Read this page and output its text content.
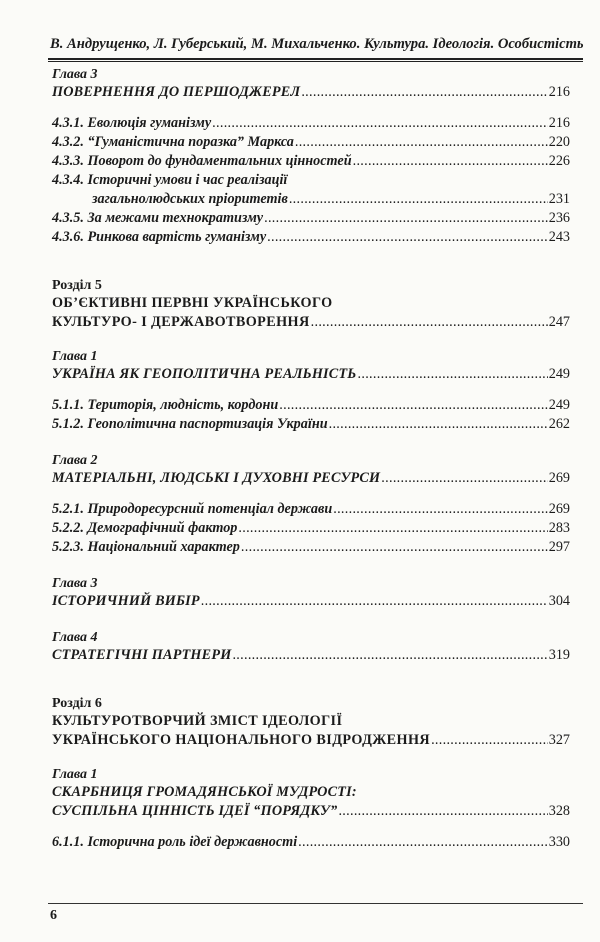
В. Андрущенко, Л. Губерський, М. Михальченко. Культура. Ідеологія. Особистість
Глава 3
ПОВЕРНЕННЯ ДО ПЕРШОДЖЕРЕЛ .....	216
4.3.1. Еволюція гуманізму .....	216
4.3.2. “Гуманістична поразка” Маркса .....	220
4.3.3. Поворот до фундаментальних цінностей .....	226
4.3.4. Історичні умови і час реалізації
загальнолюдських пріоритетів .....	231
4.3.5. За межами технократизму .....	236
4.3.6. Ринкова вартість гуманізму .....	243
Розділ 5
ОБ’ЄКТИВНІ ПЕРВНІ УКРАЇНСЬКОГО
КУЛЬТУРО- І ДЕРЖАВОТВОРЕННЯ .....	247
Глава 1
УКРАЇНА ЯК ГЕОПОЛІТИЧНА РЕАЛЬНІСТЬ .....	249
5.1.1. Територія, людність, кордони .....	249
5.1.2. Геополітична паспортизація України .....	262
Глава 2
МАТЕРІАЛЬНІ, ЛЮДСЬКІ І ДУХОВНІ РЕСУРСИ .....	269
5.2.1. Природоресурсний потенціал держави .....	269
5.2.2. Демографічний фактор .....	283
5.2.3. Національний характер .....	297
Глава 3
ІСТОРИЧНИЙ ВИБІР .....	304
Глава 4
СТРАТЕГІЧНІ ПАРТНЕРИ .....	319
Розділ 6
КУЛЬТУРОТВОРЧИЙ ЗМІСТ ІДЕОЛОГІЇ
УКРАЇНСЬКОГО НАЦІОНАЛЬНОГО ВІДРОДЖЕННЯ .....	327
Глава 1
СКАРБНИЦЯ ГРОМАДЯНСЬКОЇ МУДРОСТІ:
СУСПІЛЬНА ЦІННІСТЬ ІДЕЇ “ПОРЯДКУ” .....	328
6.1.1. Історична роль ідеї державності .....	330
6
